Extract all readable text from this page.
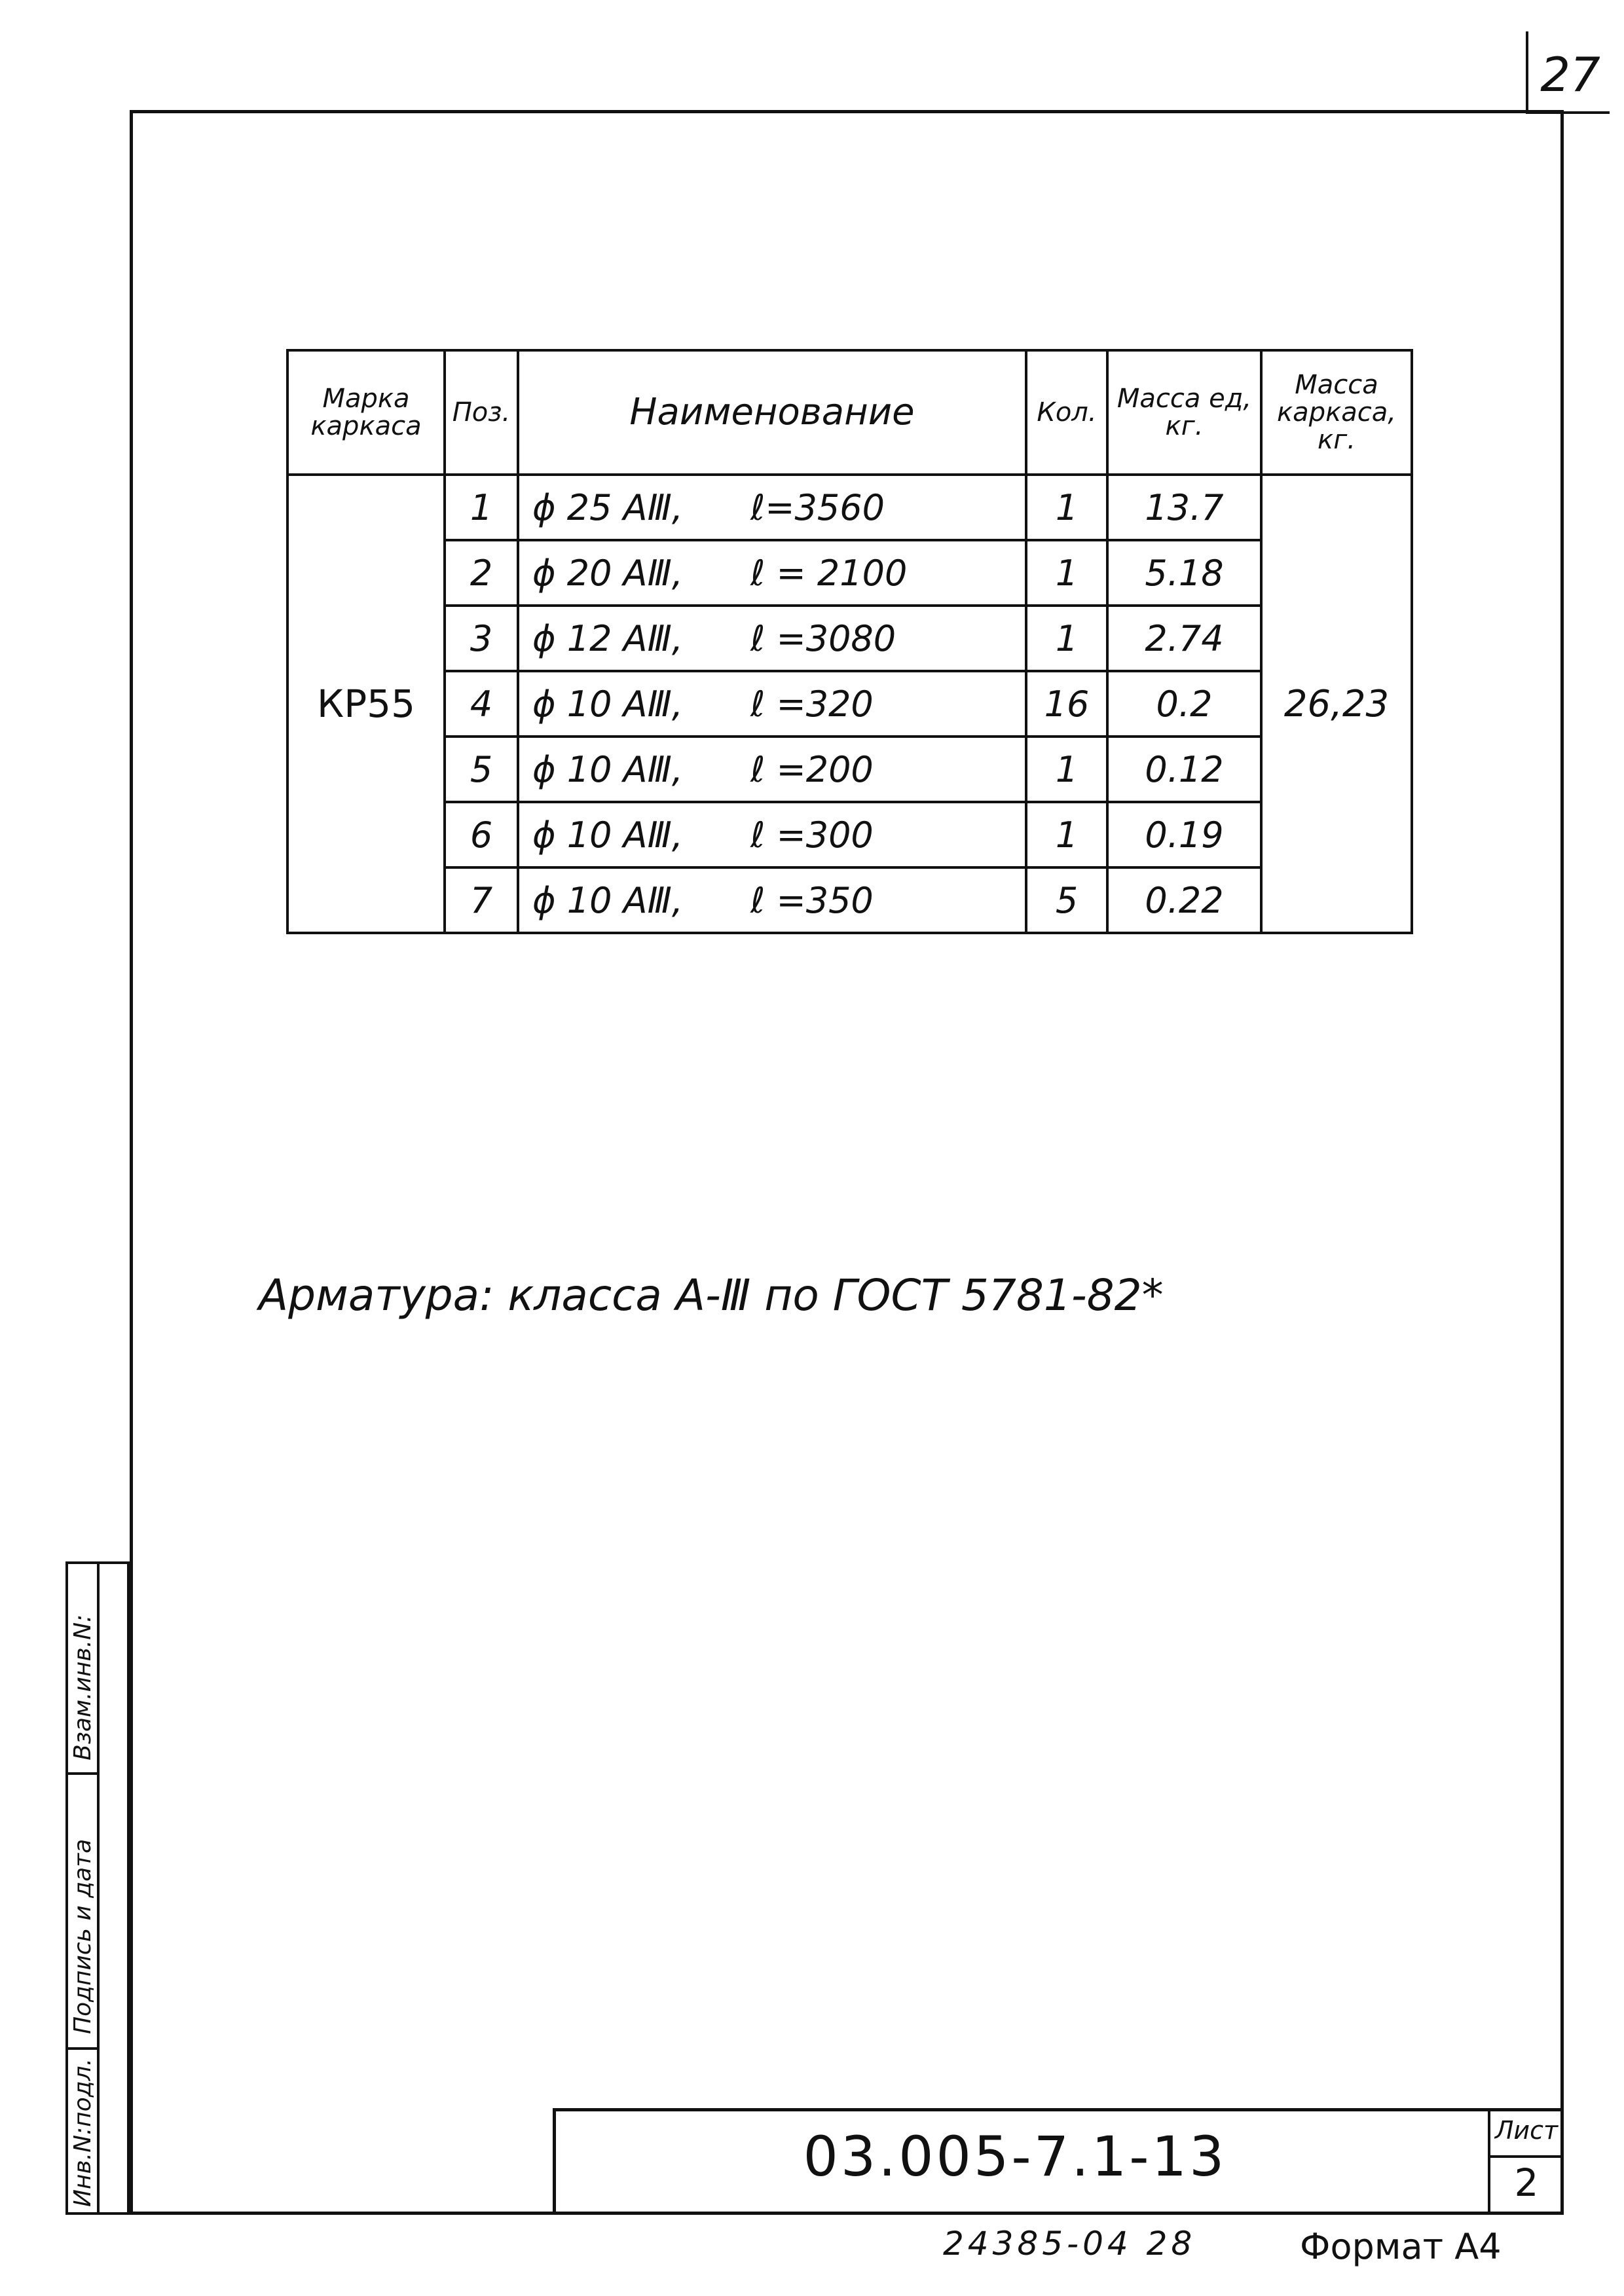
27
Марка каркаса	Поз.	Наименование	Кол.	Масса ед, кг.	Масса каркаса, кг.
КР55	1	ϕ 25 АⅢ,      ℓ=3560	1	13.7	26,23
	2	ϕ 20 АⅢ,      ℓ = 2100	1	5.18	
	3	ϕ 12 АⅢ,      ℓ =3080	1	2.74	
	4	ϕ 10 АⅢ,      ℓ =320	16	0.2	
	5	ϕ 10 АⅢ,      ℓ =200	1	0.12	
	6	ϕ 10 АⅢ,      ℓ =300	1	0.19	
	7	ϕ 10 АⅢ,      ℓ =350	5	0.22	
Арматура: класса А-Ⅲ по ГОСТ 5781-82*
Взам.инв.N:
Подпись и дата
Инв.N:подл.	03.005-7.1-13	Лист
2
24385-04 28	Формат А4
